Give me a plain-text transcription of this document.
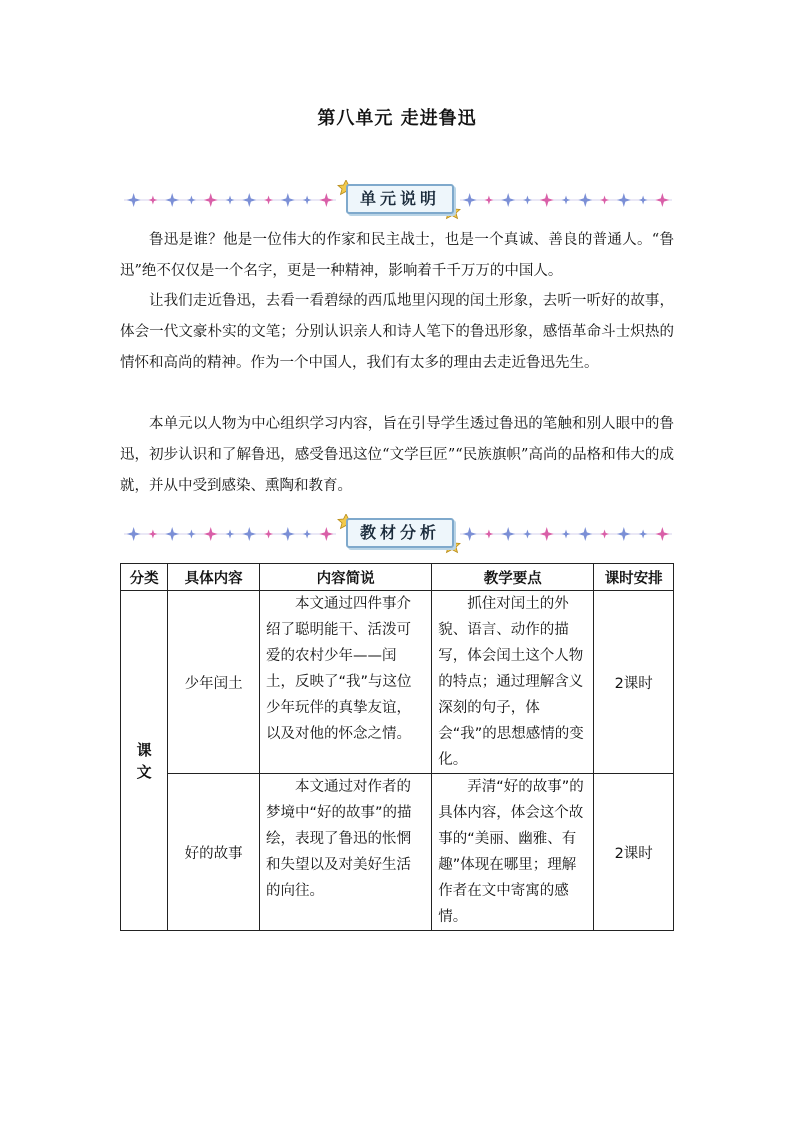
第八单元 走进鲁迅
单元说明

鲁迅是谁？他是一位伟大的作家和民主战士，也是一个真诚、善良的普通人。“鲁迅”绝不仅仅是一个名字，更是一种精神，影响着千千万万的中国人。

让我们走近鲁迅，去看一看碧绿的西瓜地里闪现的闰土形象，去听一听好的故事，体会一代文豪朴实的文笔；分别认识亲人和诗人笔下的鲁迅形象，感悟革命斗士炽热的情怀和高尚的精神。作为一个中国人，我们有太多的理由去走近鲁迅先生。

本单元以人物为中心组织学习内容，旨在引导学生透过鲁迅的笔触和别人眼中的鲁迅，初步认识和了解鲁迅，感受鲁迅这位“文学巨匠”“民族旗帜”高尚的品格和伟大的成就，并从中受到感染、熏陶和教育。

教材分析
分类	具体内容	内容简说	教学要点	课时安排
课文	少年闰土	本文通过四件事介绍了聪明能干、活泼可爱的农村少年——闰土，反映了“我”与这位少年玩伴的真挚友谊，以及对他的怀念之情。	抓住对闰土的外貌、语言、动作的描写，体会闰土这个人物的特点；通过理解含义深刻的句子，体会“我”的思想感情的变化。	2课时
	好的故事	本文通过对作者的梦境中“好的故事”的描绘，表现了鲁迅的怅惘和失望以及对美好生活的向往。	弄清“好的故事”的具体内容，体会这个故事的“美丽、幽雅、有趣”体现在哪里；理解作者在文中寄寓的感情。	2课时
